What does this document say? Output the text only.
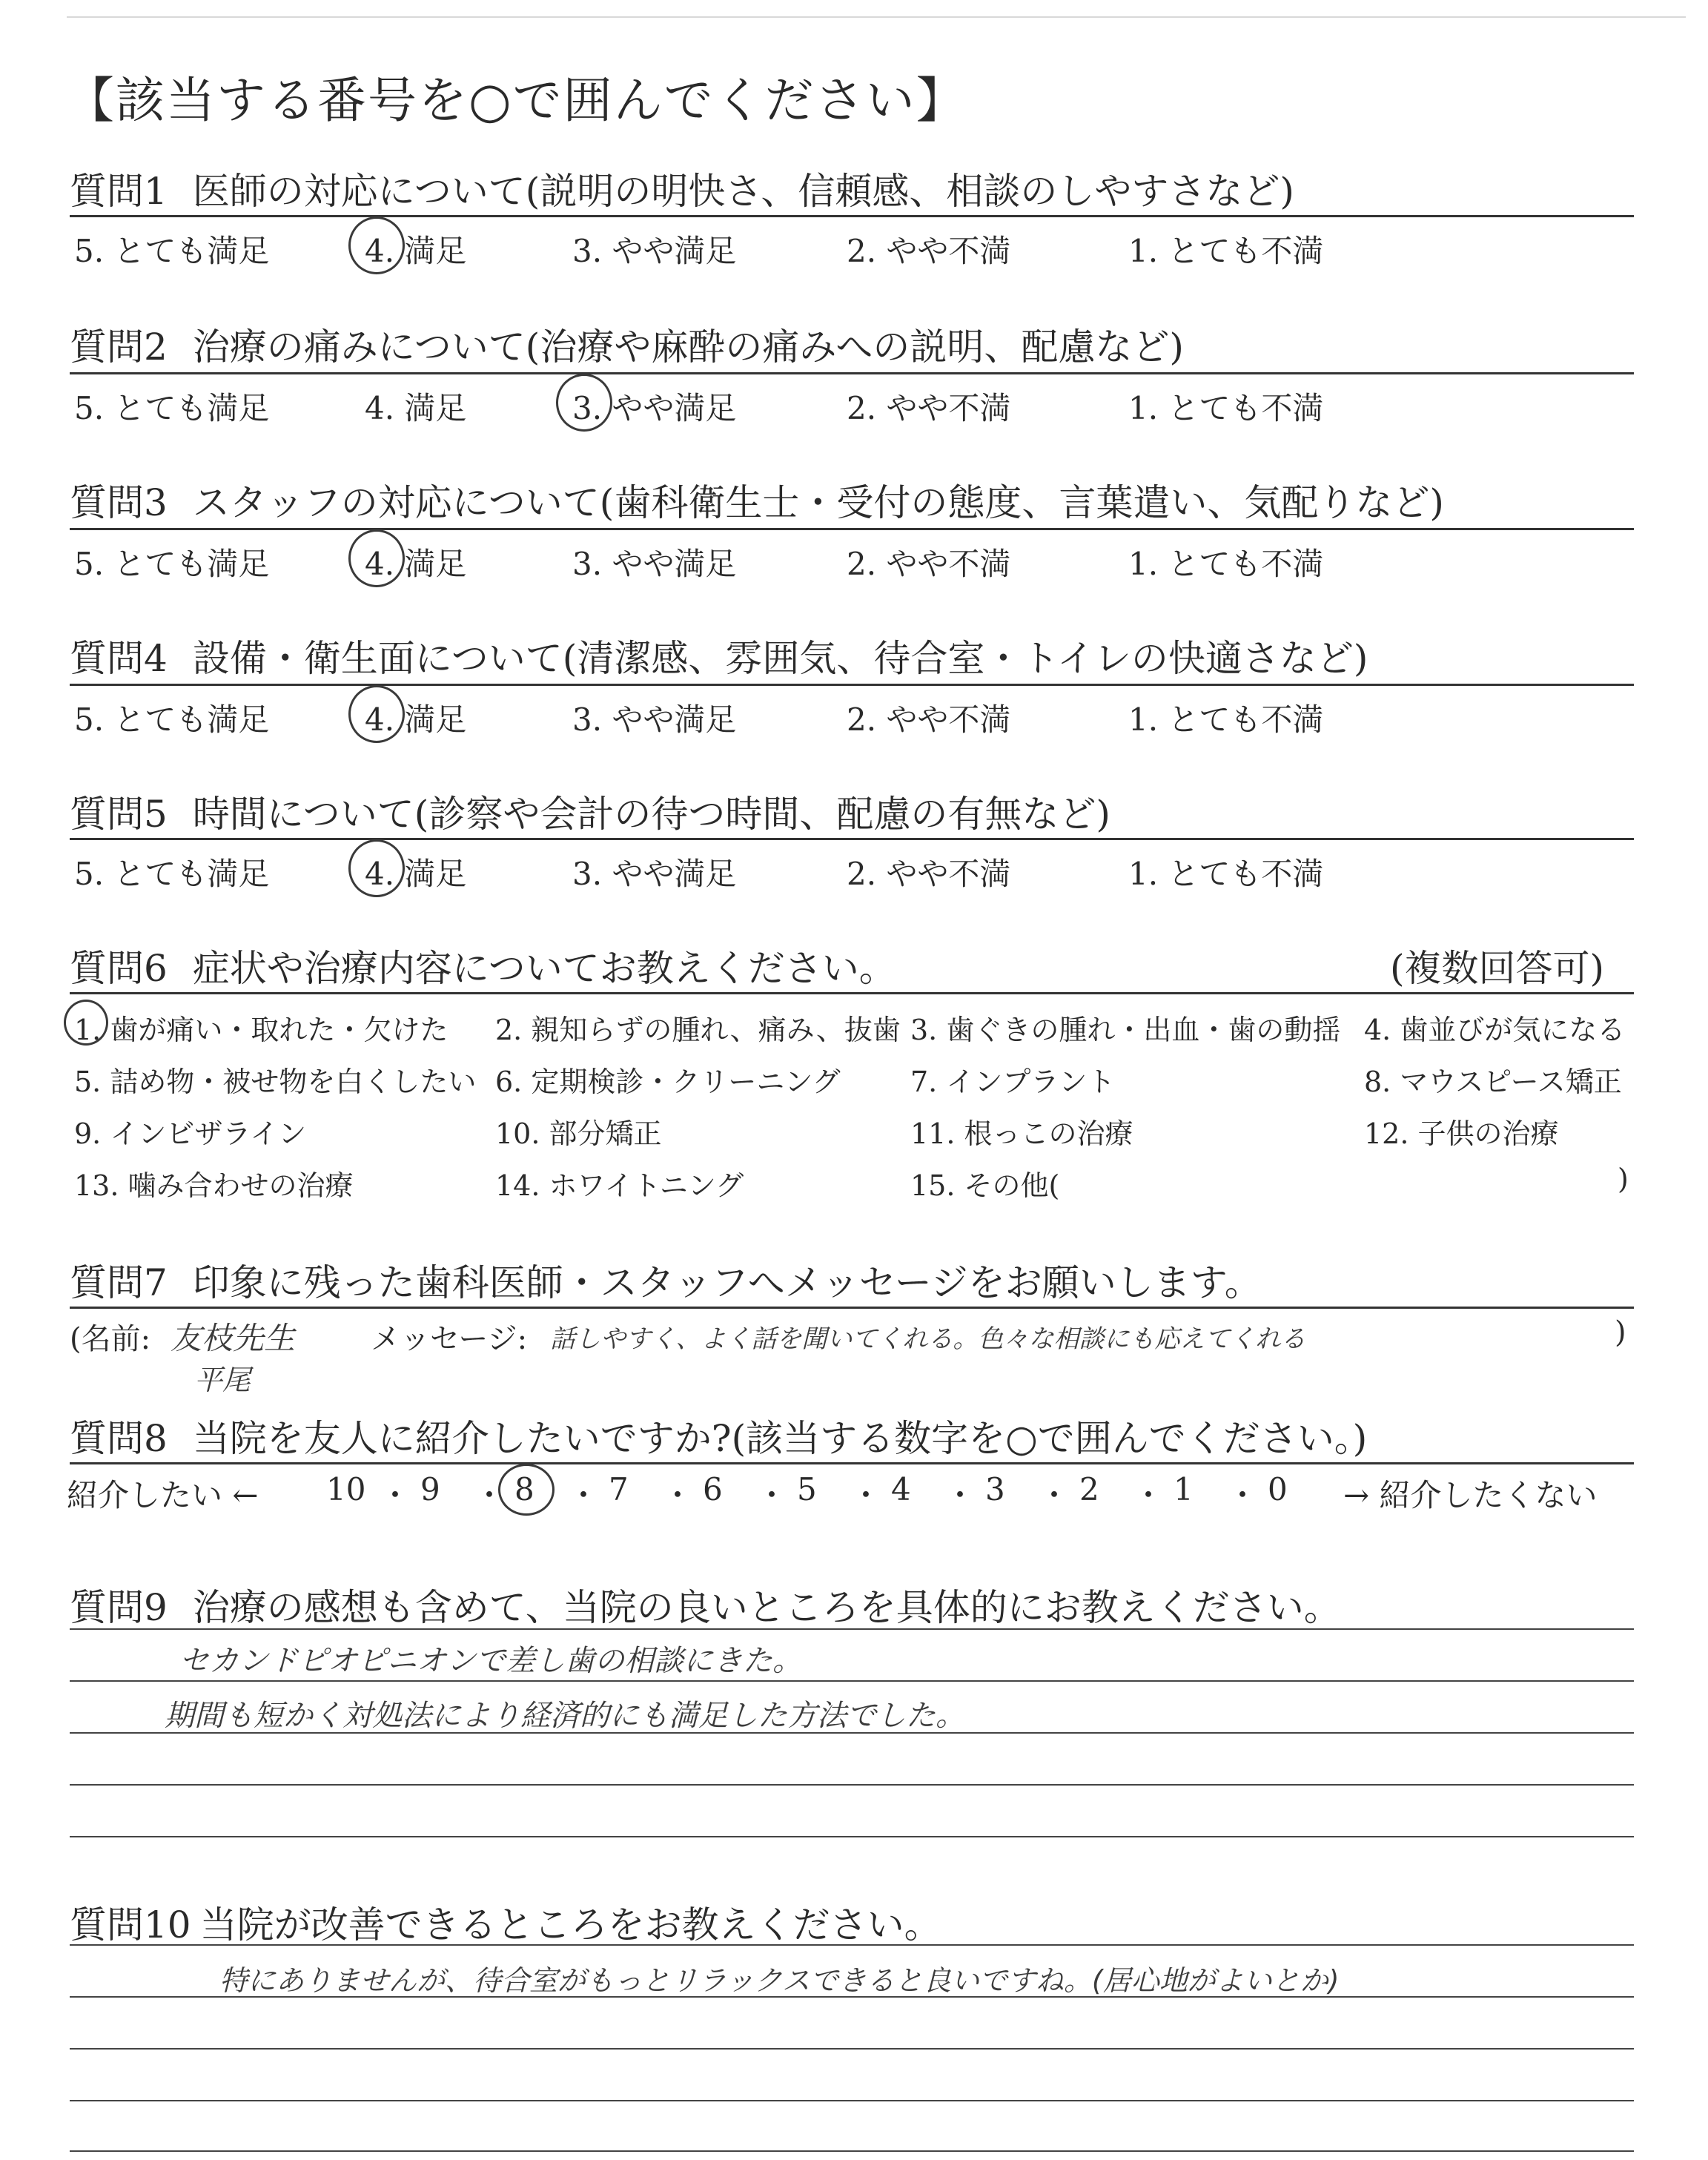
【該当する番号を○で囲んでください】
質問1 医師の対応について(説明の明快さ、信頼感、相談のしやすさなど)
5. とても満足	4. 満足	3. やや満足	2. やや不満	1. とても不満
質問2 治療の痛みについて(治療や麻酔の痛みへの説明、配慮など)
5. とても満足	4. 満足	3. やや満足	2. やや不満	1. とても不満
質問3 スタッフの対応について(歯科衛生士・受付の態度、言葉遣い、気配りなど)
5. とても満足	4. 満足	3. やや満足	2. やや不満	1. とても不満
質問4 設備・衛生面について(清潔感、雰囲気、待合室・トイレの快適さなど)
5. とても満足	4. 満足	3. やや満足	2. やや不満	1. とても不満
質問5 時間について(診察や会計の待つ時間、配慮の有無など)
5. とても満足	4. 満足	3. やや満足	2. やや不満	1. とても不満
質問6 症状や治療内容についてお教えください。	(複数回答可)
1. 歯が痛い・取れた・欠けた 2. 親知らずの腫れ、痛み、抜歯 3. 歯ぐきの腫れ・出血・歯の動揺 4. 歯並びが気になる
5. 詰め物・被せ物を白くしたい 6. 定期検診・クリーニング 7. インプラント	8. マウスピース矯正
9. インビザライン	10. 部分矯正	11. 根っこの治療	12. 子供の治療
13. 噛み合わせの治療	14. ホワイトニング	15. その他(	)
質問7 印象に残った歯科医師・スタッフへメッセージをお願いします。
(名前: 友枝先生
平尾
メッセージ: 話しやすく、よく話を聞いてくれる。色々な相談にも応えてくれる	)
質問8 当院を友人に紹介したいですか?(該当する数字を○で囲んでください。)
紹介したい ← 10 ・ 9 ・ 8 ・ 7 ・ 6 ・ 5 ・ 4 ・ 3 ・ 2 ・ 1 ・ 0 → 紹介したくない
質問9 治療の感想も含めて、当院の良いところを具体的にお教えください。
セカンドピオピニオンで差し歯の相談にきた。
期間も短かく対処法により経済的にも満足した方法でした。
質問10 当院が改善できるところをお教えください。
特にありませんが、待合室がもっとリラックスできると良いですね。(居心地がよいとか)
